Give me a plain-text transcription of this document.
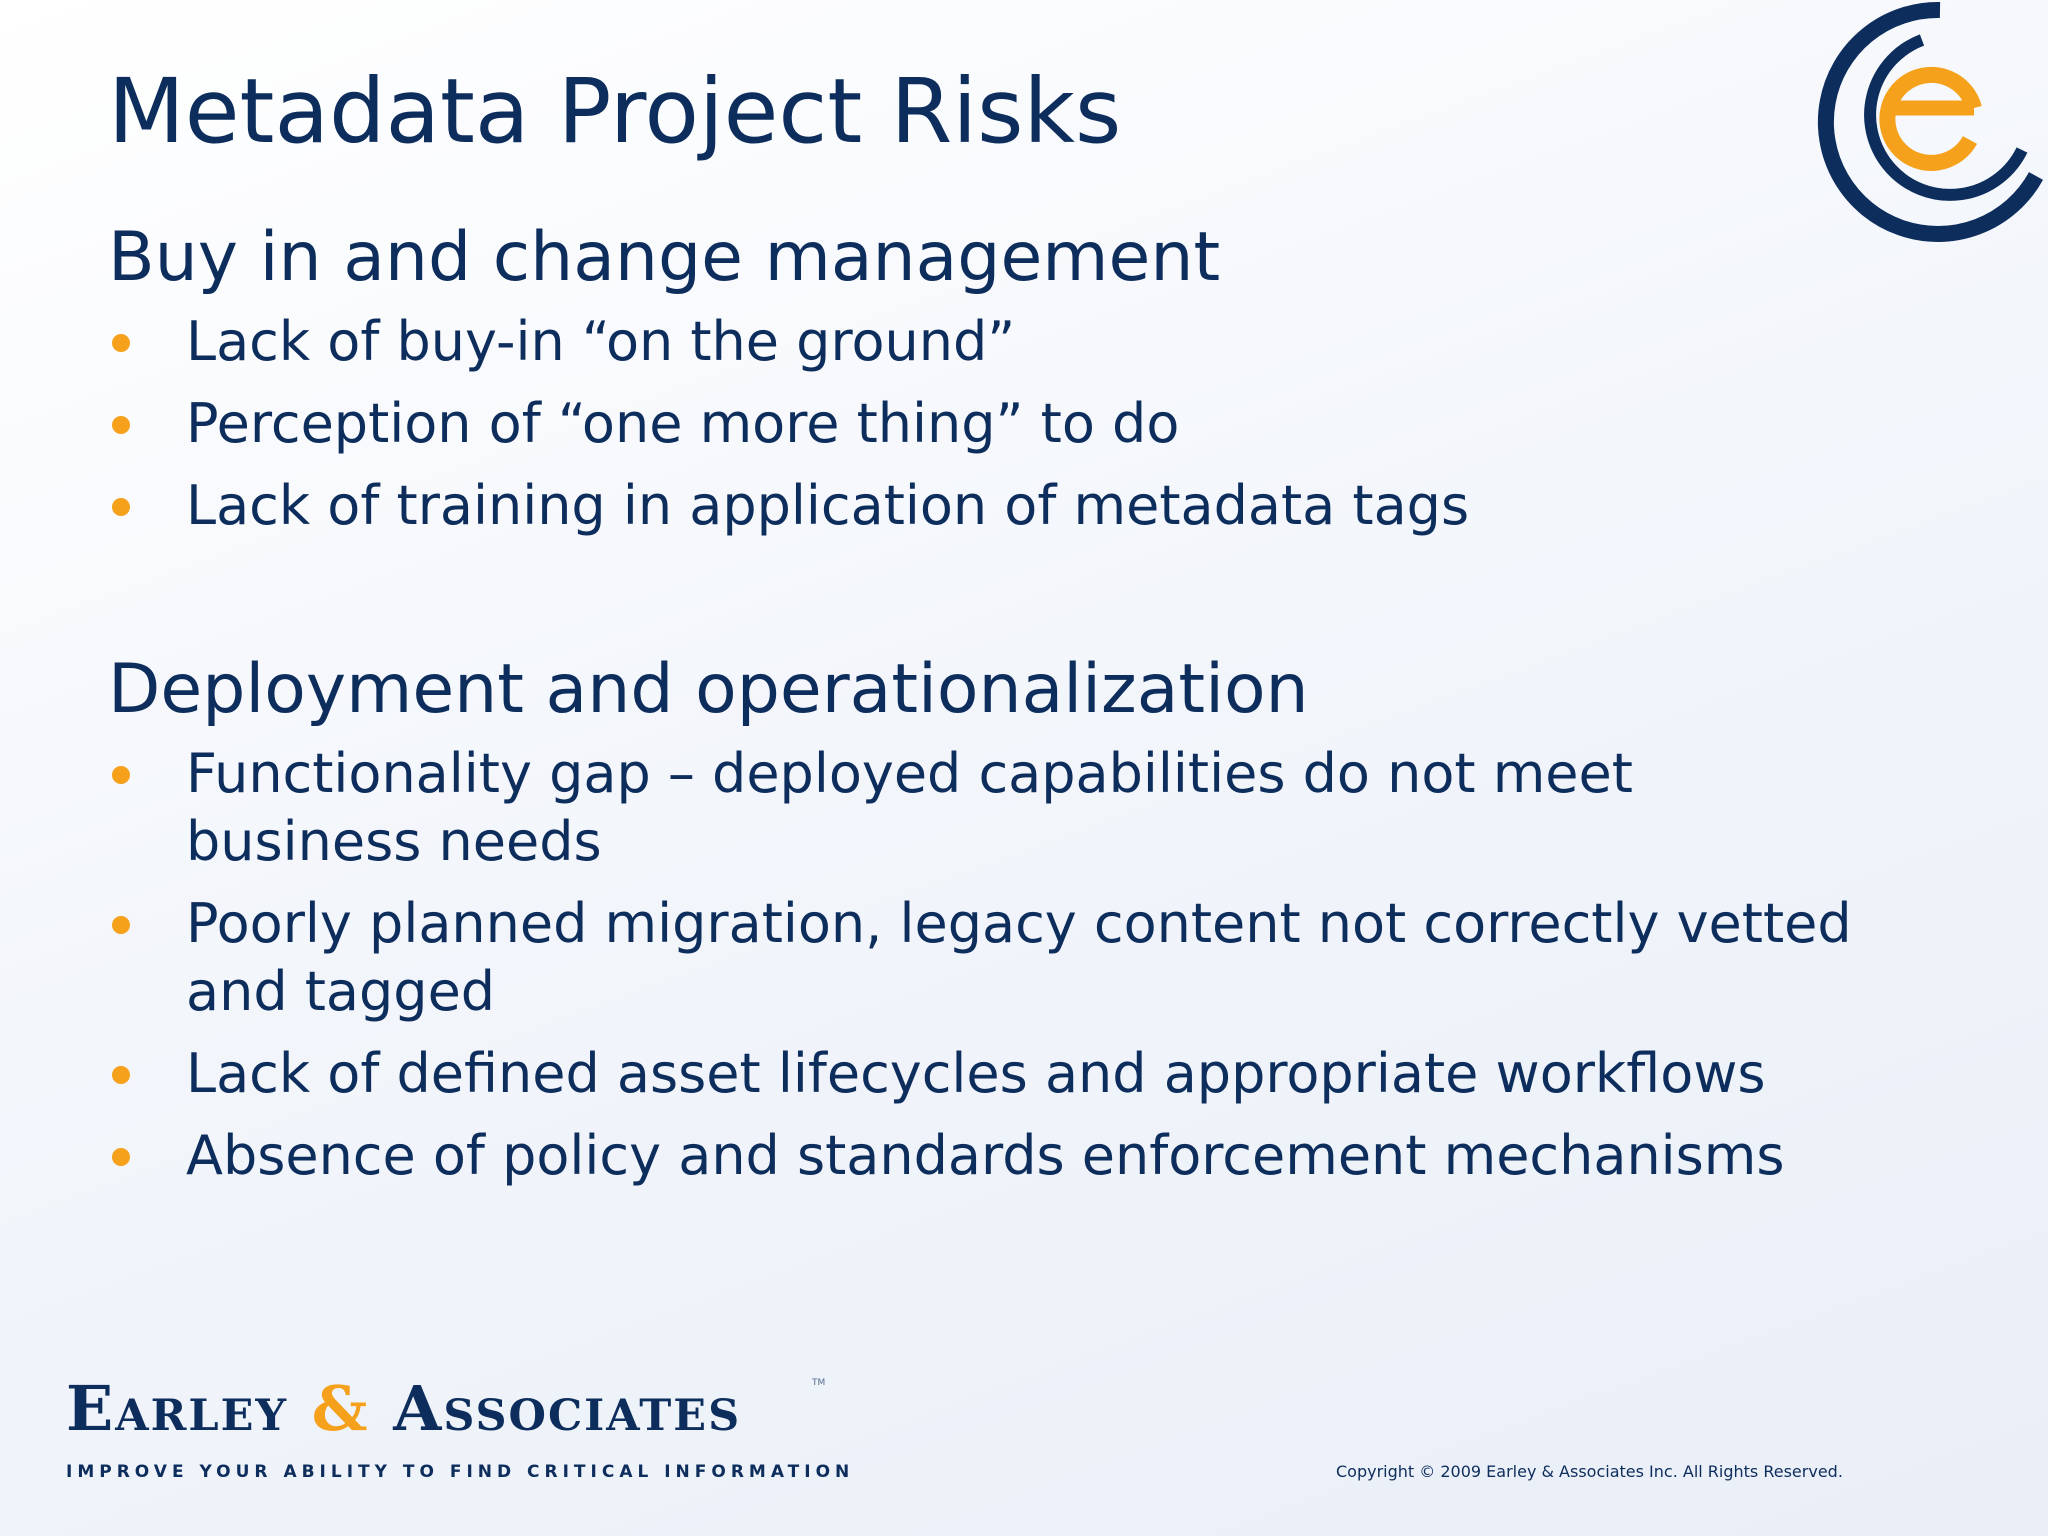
Metadata Project Risks
Buy in and change management
Lack of buy-in “on the ground”
Perception of “one more thing” to do
Lack of training in application of metadata tags
Deployment and operationalization
Functionality gap – deployed capabilities do not meet business needs
Poorly planned migration, legacy content not correctly vetted and tagged
Lack of defined asset lifecycles and appropriate workflows
Absence of policy and standards enforcement mechanisms
Earley & Associates	TM
IMPROVE YOUR ABILITY TO FIND CRITICAL INFORMATION	Copyright © 2009 Earley & Associates Inc. All Rights Reserved.
